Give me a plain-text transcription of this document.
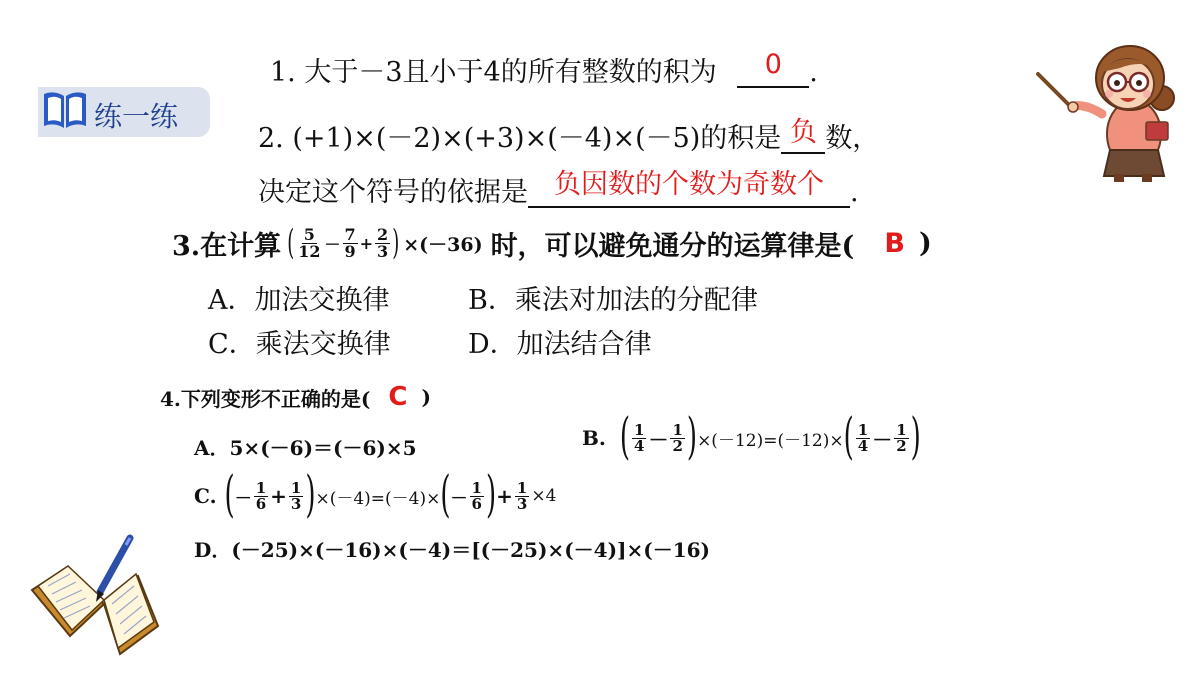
练一练
1. 大于－3且小于4的所有整数的积为 0 .
2. (+1)×(－2)×(+3)×(－4)×(－5)的积是 负 数，
决定这个符号的依据是 负因数的个数为奇数个 .
3.在计算 ( $\frac{5}{12} - \frac{7}{9} + \frac{2}{3}$ ) ×(－36) 时，可以避免通分的运算律是( B )
A．加法交换律	B．乘法对加法的分配律
C．乘法交换律	D．加法结合律
4.下列变形不正确的是( C )
A．5×(－6)＝(－6)×5	B. ( $\frac{1}{4} - \frac{1}{2}$ ) ×(－12)=(－12)× ( $\frac{1}{4} - \frac{1}{2}$ )
C. ( － $\frac{1}{6} + \frac{1}{3}$ ) ×(－4)=(－4)× ( － $\frac{1}{6}$ ) + $\frac{1}{3} \times 4$
D．(－25)×(－16)×(－4)＝[(－25)×(－4)]×(－16)
